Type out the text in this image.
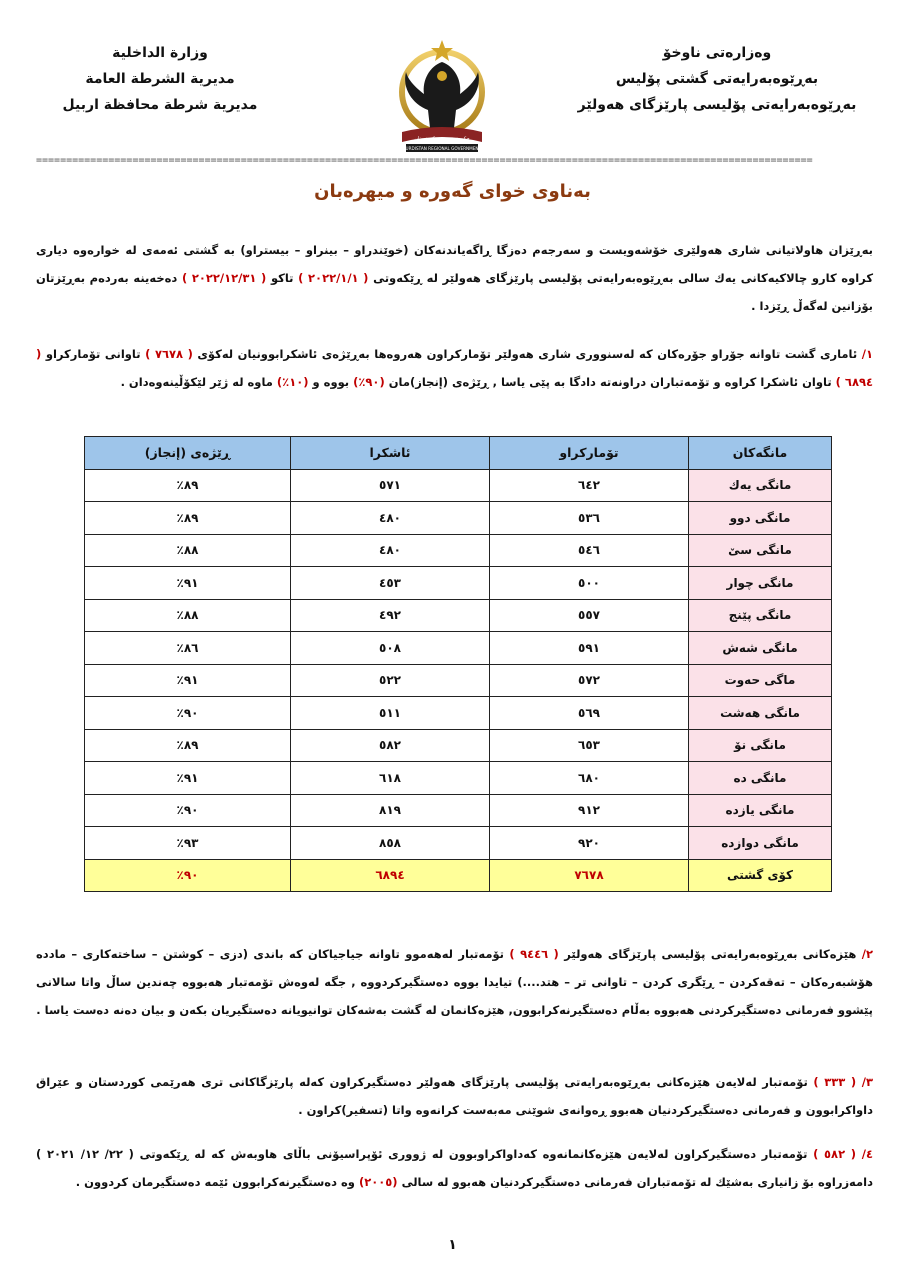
وەزارەتی ناوخۆ
بەڕێوەبەرایەتی گشتی پۆلیس
بەڕێوەبەرایەتی پۆلیسی پارێزگای هەولێر
وزارة الداخلية
مديرية الشرطة العامة
مديرية شرطة محافظة اربيل
حكومة هه رێمی كوردستان
KURDISTAN REGIONAL GOVERNMENT
=================================================================================================================================
بەناوی خوای گەورە و میهرەبان
بەڕێزان هاولاتیانی شاری هەولێری خۆشەویست و سەرجەم دەزگا ڕاگەیاندنەکان (خوێندراو – بینراو – بیستراو) بە گشتی ئەمەی لە خوارەوە دیاری کراوە کارو چالاکیەکانی یەك سالی بەڕێوەبەرایەتی پۆلیسی پارێزگای هەولێر لە ڕێکەوتی ( ٢٠٢٢/١/١ ) تاکو ( ٢٠٢٢/١٢/٣١ ) دەخەینە بەردەم بەڕێزتان بۆزانین لەگەڵ ڕێزدا .
١/ ئاماری گشت تاوانە جۆراو جۆرەکان کە لەسنووری شاری هەولێر تۆمارکراون هەروەها بەڕێژەی ئاشکرابوونیان لەکۆی ( ٧٦٧٨ ) تاوانی تۆمارکراو ( ٦٨٩٤ ) تاوان ئاشکرا کراوە و تۆمەتباران دراونەتە دادگا بە پێی یاسا , ڕێژەی (إنجاز)مان (٩٠٪) بووە و (١٠٪) ماوە لە ژێر لێکۆڵینەوەدان .
مانگەکان	تۆمارکراو	ئاشکرا	ڕێژەی (إنجاز)
مانگی یەك	٦٤٢	٥٧١	٨٩٪
مانگی دوو	٥٣٦	٤٨٠	٨٩٪
مانگی سێ	٥٤٦	٤٨٠	٨٨٪
مانگی چوار	٥٠٠	٤٥٣	٩١٪
مانگی پێنج	٥٥٧	٤٩٢	٨٨٪
مانگی شەش	٥٩١	٥٠٨	٨٦٪
ماگی حەوت	٥٧٢	٥٢٢	٩١٪
مانگی هەشت	٥٦٩	٥١١	٩٠٪
مانگی نۆ	٦٥٣	٥٨٢	٨٩٪
مانگی دە	٦٨٠	٦١٨	٩١٪
مانگی یازدە	٩١٢	٨١٩	٩٠٪
مانگی دوازدە	٩٢٠	٨٥٨	٩٣٪
کۆی گشتی	٧٦٧٨	٦٨٩٤	٩٠٪
٢/ هێزەکانی بەڕێوەبەرایەتی پۆلیسی پارێزگای هەولێر ( ٩٤٤٦ ) تۆمەتبار لەهەموو تاوانە جیاجیاکان کە باندی (دزی – کوشتن – ساختەکاری – ماددە هۆشبەرەکان – تەقەکردن – ڕێگری کردن – تاوانی تر – هتد....) تیایدا بووە دەستگیرکردووە , جگە لەوەش تۆمەتبار هەبووە چەندین ساڵ واتا سالانی پێشوو فەرمانی دەستگیرکردنی هەبووە بەڵام دەستگیرنەکرابوون, هێزەکانمان لە گشت بەشەکان توانیویانە دەستگیریان بکەن و بیان دەنە دەست یاسا .
٣/ ( ٣٣٣ ) تۆمەتبار لەلایەن هێزەکانی بەڕێوەبەرایەتی پۆلیسی پارێزگای هەولێر دەستگیرکراون کەلە پارێزگاکانی تری هەرێمی کوردستان و عێراق داواکرابوون و فەرمانی دەستگیرکردنیان هەبوو ڕەوانەی شوێنی مەبەست کرانەوە واتا (تسفير)کراون .
٤/ ( ٥٨٢ ) تۆمەتبار دەستگیرکراون لەلایەن هێزەکانمانەوە کەداواکراوبوون لە ژووری ئۆپراسیۆنی باڵای هاوبەش کە لە ڕێکەوتی ( ٢٢/ ١٢/ ٢٠٢١ ) دامەزراوە بۆ زانیاری بەشێك لە تۆمەتباران فەرمانی دەستگیرکردنیان هەبوو لە سالی (٢٠٠٥) وە دەستگیرنەکرابوون ئێمە دەستگیرمان کردوون .
١
